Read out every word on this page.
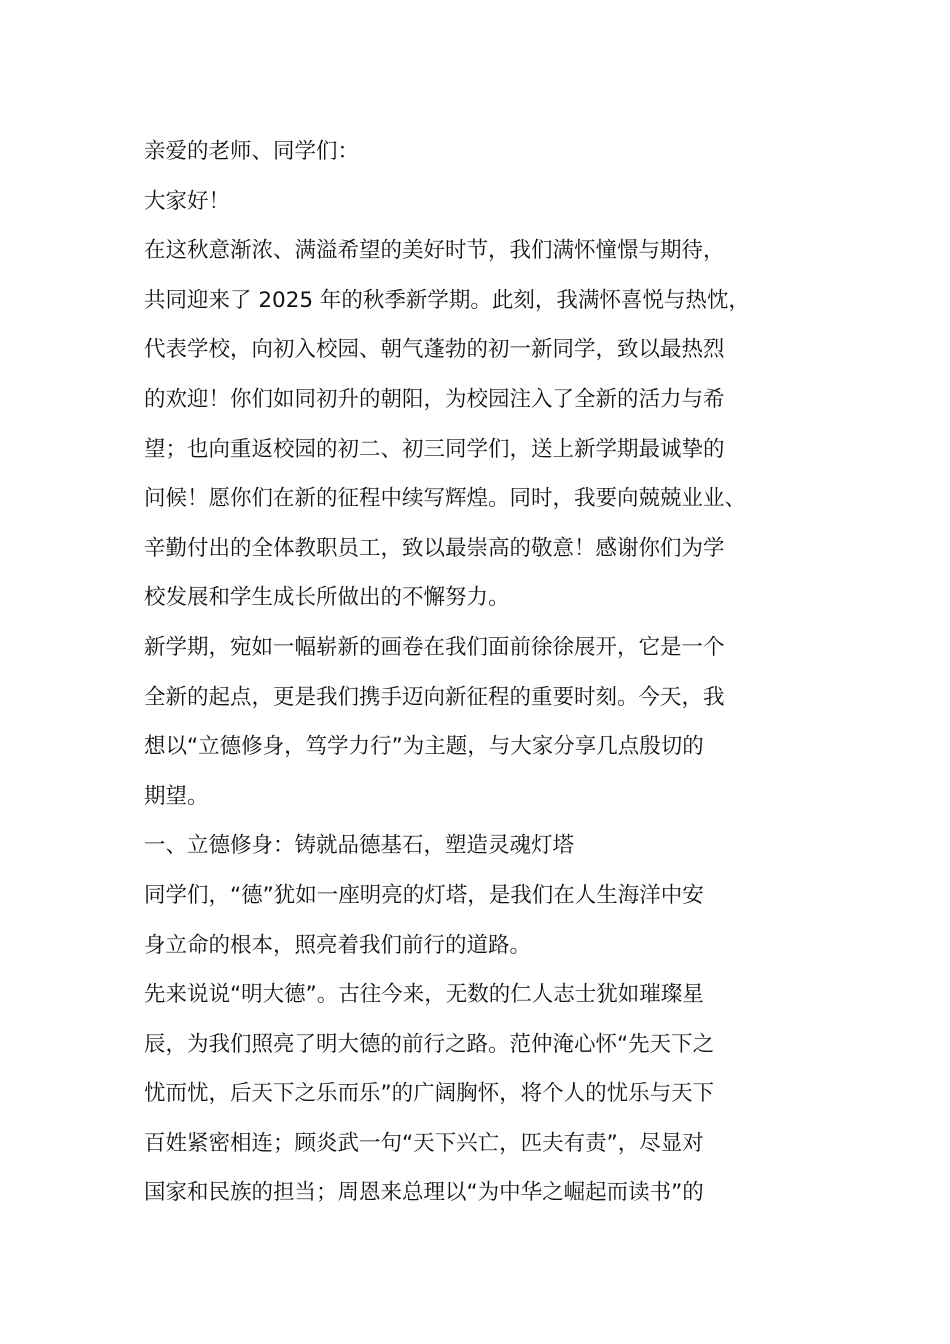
亲爱的老师、同学们：
大家好！
在这秋意渐浓、满溢希望的美好时节，我们满怀憧憬与期待，
共同迎来了 2025 年的秋季新学期。此刻，我满怀喜悦与热忱，
代表学校，向初入校园、朝气蓬勃的初一新同学，致以最热烈
的欢迎！你们如同初升的朝阳，为校园注入了全新的活力与希
望；也向重返校园的初二、初三同学们，送上新学期最诚挚的
问候！愿你们在新的征程中续写辉煌。同时，我要向兢兢业业、
辛勤付出的全体教职员工，致以最崇高的敬意！感谢你们为学
校发展和学生成长所做出的不懈努力。
新学期，宛如一幅崭新的画卷在我们面前徐徐展开，它是一个
全新的起点，更是我们携手迈向新征程的重要时刻。今天，我
想以“立德修身，笃学力行”为主题，与大家分享几点殷切的
期望。
一、立德修身：铸就品德基石，塑造灵魂灯塔
同学们，“德”犹如一座明亮的灯塔，是我们在人生海洋中安
身立命的根本，照亮着我们前行的道路。
先来说说“明大德”。古往今来，无数的仁人志士犹如璀璨星
辰，为我们照亮了明大德的前行之路。范仲淹心怀“先天下之
忧而忧，后天下之乐而乐”的广阔胸怀，将个人的忧乐与天下
百姓紧密相连；顾炎武一句“天下兴亡，匹夫有责”，尽显对
国家和民族的担当；周恩来总理以“为中华之崛起而读书”的
